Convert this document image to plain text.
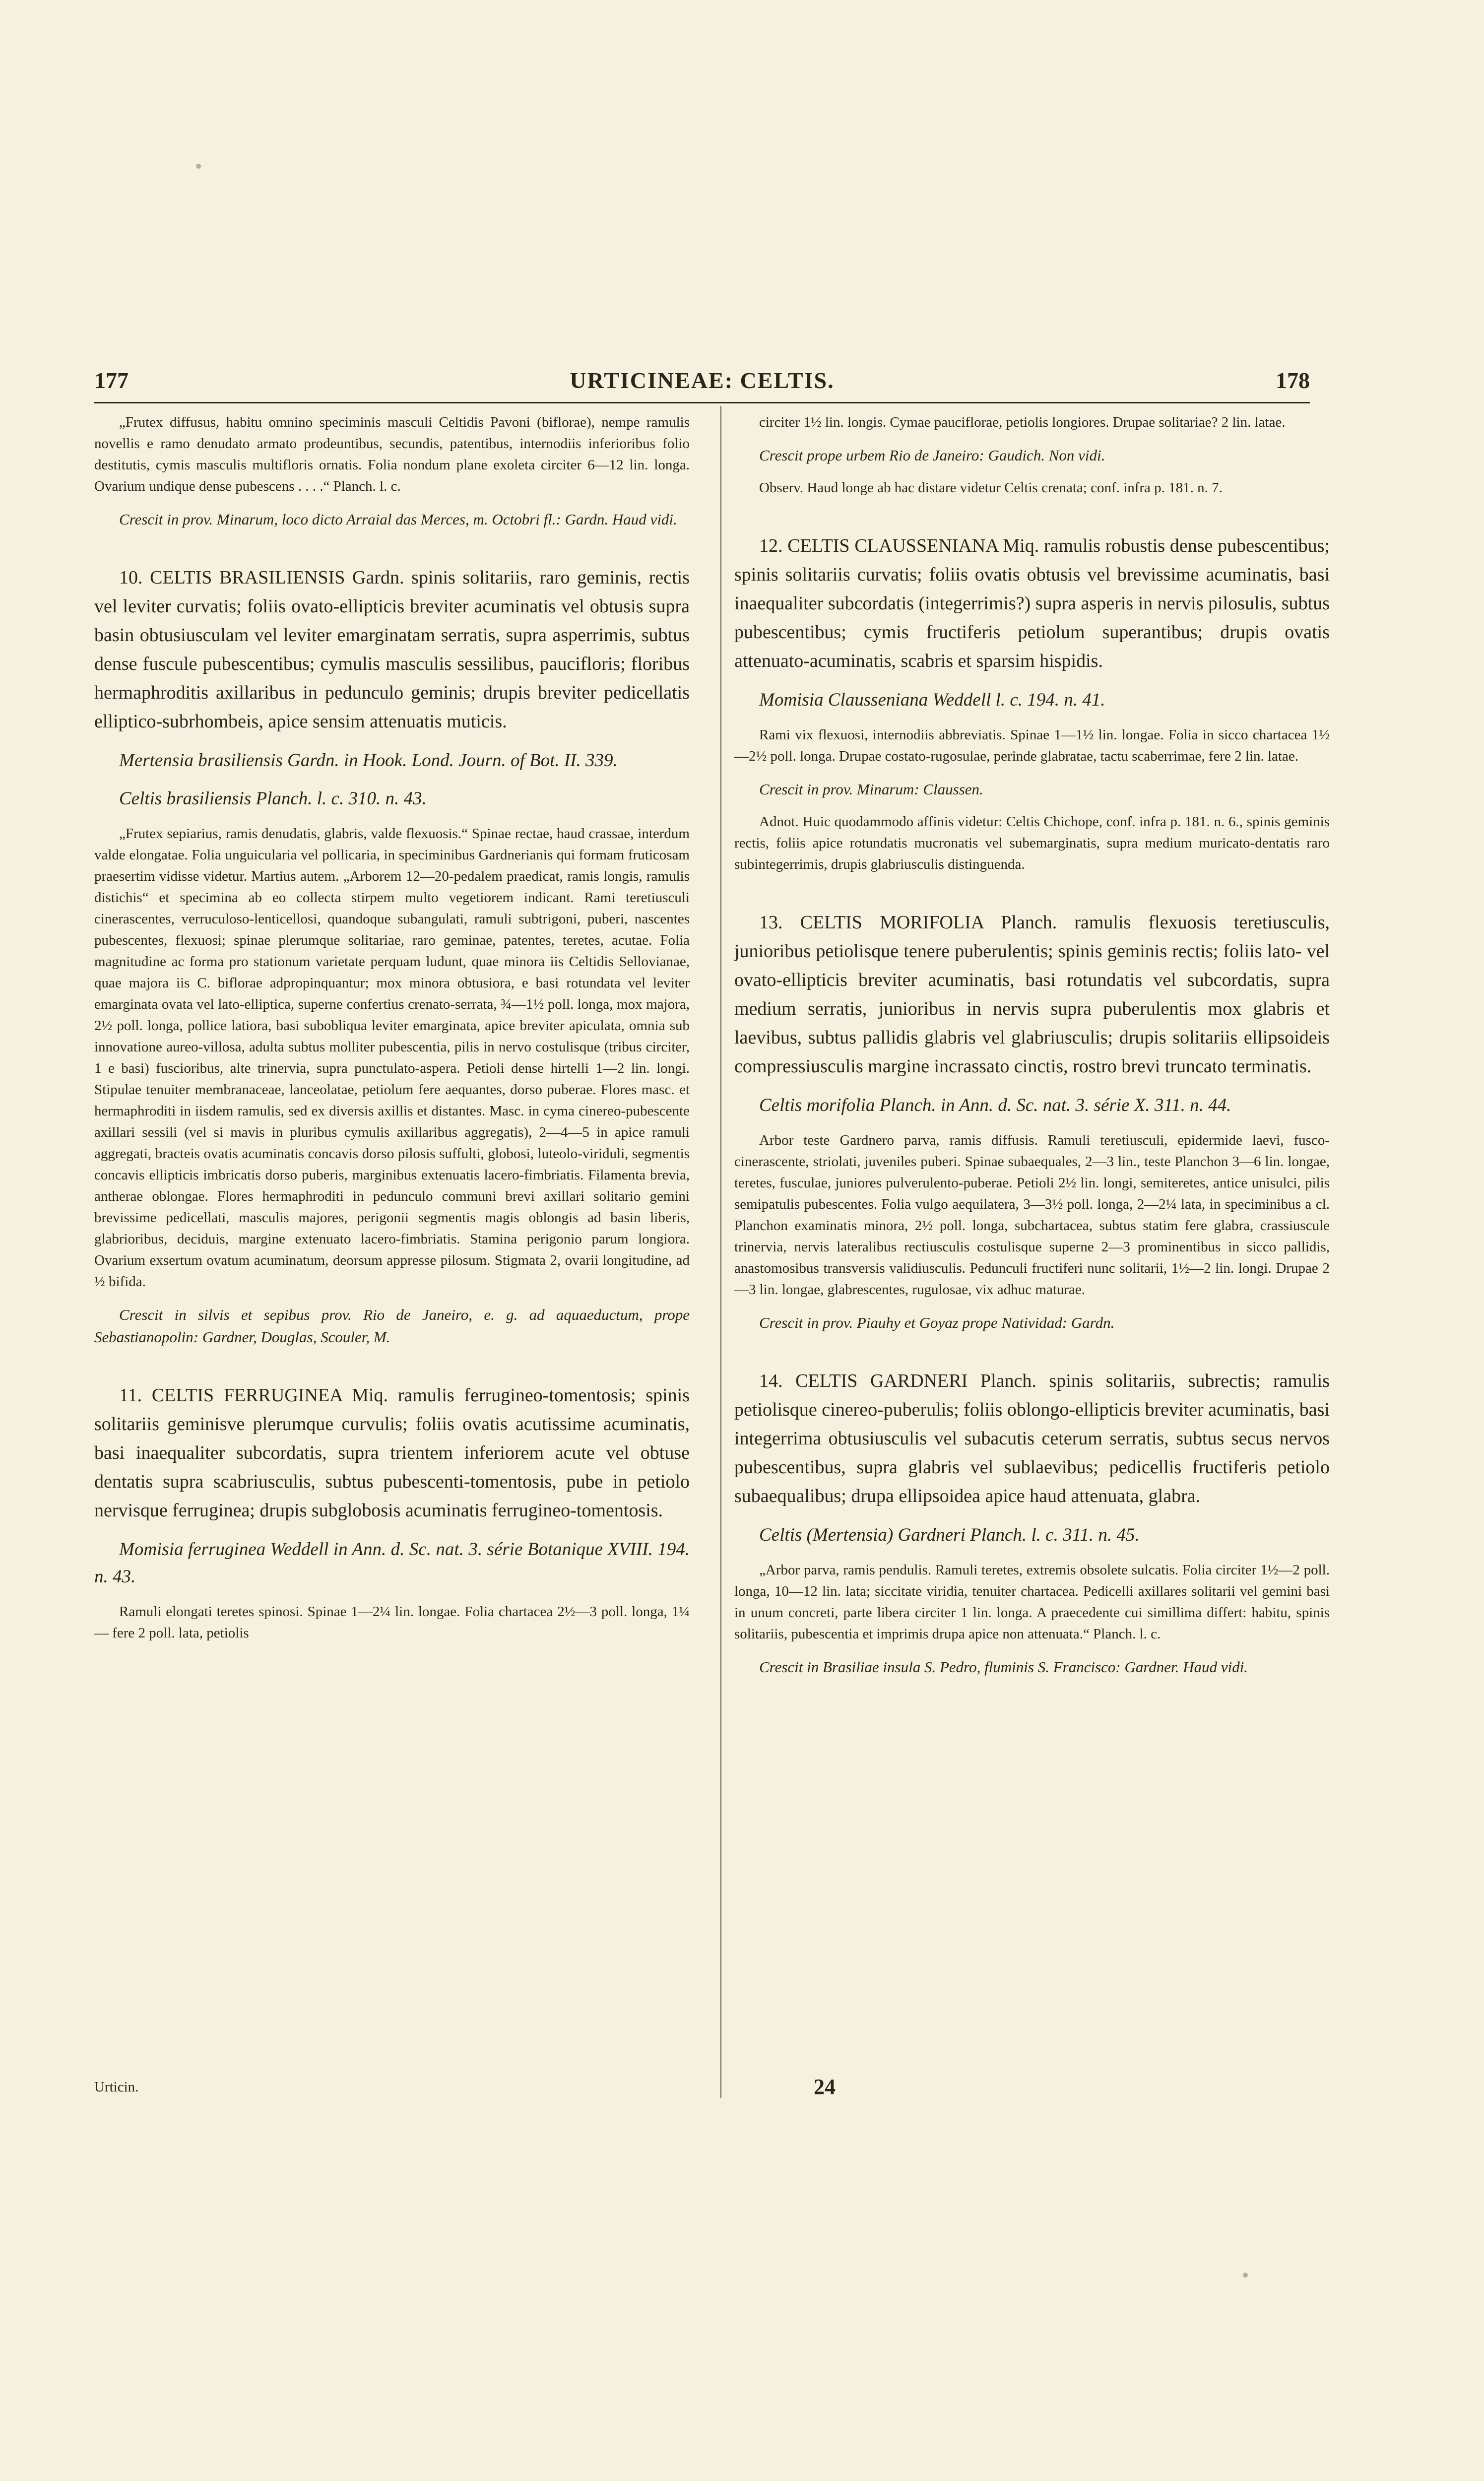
177	URTICINEAE: CELTIS.	178

„Frutex diffusus, habitu omnino speciminis masculi Celtidis Pavoni (biflorae), nempe ramulis novellis e ramo denudato armato prodeuntibus, secundis, patentibus, internodiis inferioribus folio destitutis, cymis masculis multifloris ornatis. Folia nondum plane exoleta circiter 6—12 lin. longa. Ovarium undique dense pubescens . . . .“ Planch. l. c.

Crescit in prov. Minarum, loco dicto Arraial das Merces, m. Octobri fl.: Gardn. Haud vidi.

10. CELTIS BRASILIENSIS Gardn. spinis solitariis, raro geminis, rectis vel leviter curvatis; foliis ovato-ellipticis breviter acuminatis vel obtusis supra basin obtusiusculam vel leviter emarginatam serratis, supra asperrimis, subtus dense fuscule pubescentibus; cymulis masculis sessilibus, paucifloris; floribus hermaphroditis axillaribus in pedunculo geminis; drupis breviter pedicellatis elliptico-subrhombeis, apice sensim attenuatis muticis.

Mertensia brasiliensis Gardn. in Hook. Lond. Journ. of Bot. II. 339.

Celtis brasiliensis Planch. l. c. 310. n. 43.

„Frutex sepiarius, ramis denudatis, glabris, valde flexuosis.“ Spinae rectae, haud crassae, interdum valde elongatae. Folia unguicularia vel pollicaria, in speciminibus Gardnerianis qui formam fruticosam praesertim vidisse videtur. Martius autem. „Arborem 12—20-pedalem praedicat, ramis longis, ramulis distichis“ et specimina ab eo collecta stirpem multo vegetiorem indicant. Rami teretiusculi cinerascentes, verruculoso-lenticellosi, quandoque subangulati, ramuli subtrigoni, puberi, nascentes pubescentes, flexuosi; spinae plerumque solitariae, raro geminae, patentes, teretes, acutae. Folia magnitudine ac forma pro stationum varietate perquam ludunt, quae minora iis Celtidis Sellovianae, quae majora iis C. biflorae adpropinquantur; mox minora obtusiora, e basi rotundata vel leviter emarginata ovata vel lato-elliptica, superne confertius crenato-serrata, ¾—1½ poll. longa, mox majora, 2½ poll. longa, pollice latiora, basi subobliqua leviter emarginata, apice breviter apiculata, omnia sub innovatione aureo-villosa, adulta subtus molliter pubescentia, pilis in nervo costulisque (tribus circiter, 1 e basi) fuscioribus, alte trinervia, supra punctulato-aspera. Petioli dense hirtelli 1—2 lin. longi. Stipulae tenuiter membranaceae, lanceolatae, petiolum fere aequantes, dorso puberae. Flores masc. et hermaphroditi in iisdem ramulis, sed ex diversis axillis et distantes. Masc. in cyma cinereo-pubescente axillari sessili (vel si mavis in pluribus cymulis axillaribus aggregatis), 2—4—5 in apice ramuli aggregati, bracteis ovatis acuminatis concavis dorso pilosis suffulti, globosi, luteolo-viriduli, segmentis concavis ellipticis imbricatis dorso puberis, marginibus extenuatis lacero-fimbriatis. Filamenta brevia, antherae oblongae. Flores hermaphroditi in pedunculo communi brevi axillari solitario gemini brevissime pedicellati, masculis majores, perigonii segmentis magis oblongis ad basin liberis, glabrioribus, deciduis, margine extenuato lacero-fimbriatis. Stamina perigonio parum longiora. Ovarium exsertum ovatum acuminatum, deorsum appresse pilosum. Stigmata 2, ovarii longitudine, ad ½ bifida.

Crescit in silvis et sepibus prov. Rio de Janeiro, e. g. ad aquaeductum, prope Sebastianopolin: Gardner, Douglas, Scouler, M.

11. CELTIS FERRUGINEA Miq. ramulis ferrugineo-tomentosis; spinis solitariis geminisve plerumque curvulis; foliis ovatis acutissime acuminatis, basi inaequaliter subcordatis, supra trientem inferiorem acute vel obtuse dentatis supra scabriusculis, subtus pubescenti-tomentosis, pube in petiolo nervisque ferruginea; drupis subglobosis acuminatis ferrugineo-tomentosis.

Momisia ferruginea Weddell in Ann. d. Sc. nat. 3. série Botanique XVIII. 194. n. 43.

Ramuli elongati teretes spinosi. Spinae 1—2¼ lin. longae. Folia chartacea 2½—3 poll. longa, 1¼— fere 2 poll. lata, petiolis

circiter 1½ lin. longis. Cymae pauciflorae, petiolis longiores. Drupae solitariae? 2 lin. latae.

Crescit prope urbem Rio de Janeiro: Gaudich. Non vidi.

Observ. Haud longe ab hac distare videtur Celtis crenata; conf. infra p. 181. n. 7.

12. CELTIS CLAUSSENIANA Miq. ramulis robustis dense pubescentibus; spinis solitariis curvatis; foliis ovatis obtusis vel brevissime acuminatis, basi inaequaliter subcordatis (integerrimis?) supra asperis in nervis pilosulis, subtus pubescentibus; cymis fructiferis petiolum superantibus; drupis ovatis attenuato-acuminatis, scabris et sparsim hispidis.

Momisia Clausseniana Weddell l. c. 194. n. 41.

Rami vix flexuosi, internodiis abbreviatis. Spinae 1—1½ lin. longae. Folia in sicco chartacea 1½—2½ poll. longa. Drupae costato-rugosulae, perinde glabratae, tactu scaberrimae, fere 2 lin. latae.

Crescit in prov. Minarum: Claussen.

Adnot. Huic quodammodo affinis videtur: Celtis Chichope, conf. infra p. 181. n. 6., spinis geminis rectis, foliis apice rotundatis mucronatis vel subemarginatis, supra medium muricato-dentatis raro subintegerrimis, drupis glabriusculis distinguenda.

13. CELTIS MORIFOLIA Planch. ramulis flexuosis teretiusculis, junioribus petiolisque tenere puberulentis; spinis geminis rectis; foliis lato- vel ovato-ellipticis breviter acuminatis, basi rotundatis vel subcordatis, supra medium serratis, junioribus in nervis supra puberulentis mox glabris et laevibus, subtus pallidis glabris vel glabriusculis; drupis solitariis ellipsoideis compressiusculis margine incrassato cinctis, rostro brevi truncato terminatis.

Celtis morifolia Planch. in Ann. d. Sc. nat. 3. série X. 311. n. 44.

Arbor teste Gardnero parva, ramis diffusis. Ramuli teretiusculi, epidermide laevi, fusco-cinerascente, striolati, juveniles puberi. Spinae subaequales, 2—3 lin., teste Planchon 3—6 lin. longae, teretes, fusculae, juniores pulverulento-puberae. Petioli 2½ lin. longi, semiteretes, antice unisulci, pilis semipatulis pubescentes. Folia vulgo aequilatera, 3—3½ poll. longa, 2—2¼ lata, in speciminibus a cl. Planchon examinatis minora, 2½ poll. longa, subchartacea, subtus statim fere glabra, crassiuscule trinervia, nervis lateralibus rectiusculis costulisque superne 2—3 prominentibus in sicco pallidis, anastomosibus transversis validiusculis. Pedunculi fructiferi nunc solitarii, 1½—2 lin. longi. Drupae 2—3 lin. longae, glabrescentes, rugulosae, vix adhuc maturae.

Crescit in prov. Piauhy et Goyaz prope Natividad: Gardn.

14. CELTIS GARDNERI Planch. spinis solitariis, subrectis; ramulis petiolisque cinereo-puberulis; foliis oblongo-ellipticis breviter acuminatis, basi integerrima obtusiusculis vel subacutis ceterum serratis, subtus secus nervos pubescentibus, supra glabris vel sublaevibus; pedicellis fructiferis petiolo subaequalibus; drupa ellipsoidea apice haud attenuata, glabra.

Celtis (Mertensia) Gardneri Planch. l. c. 311. n. 45.

„Arbor parva, ramis pendulis. Ramuli teretes, extremis obsolete sulcatis. Folia circiter 1½—2 poll. longa, 10—12 lin. lata; siccitate viridia, tenuiter chartacea. Pedicelli axillares solitarii vel gemini basi in unum concreti, parte libera circiter 1 lin. longa. A praecedente cui simillima differt: habitu, spinis solitariis, pubescentia et imprimis drupa apice non attenuata.“ Planch. l. c.

Crescit in Brasiliae insula S. Pedro, fluminis S. Francisco: Gardner. Haud vidi.

Urticin.	24
